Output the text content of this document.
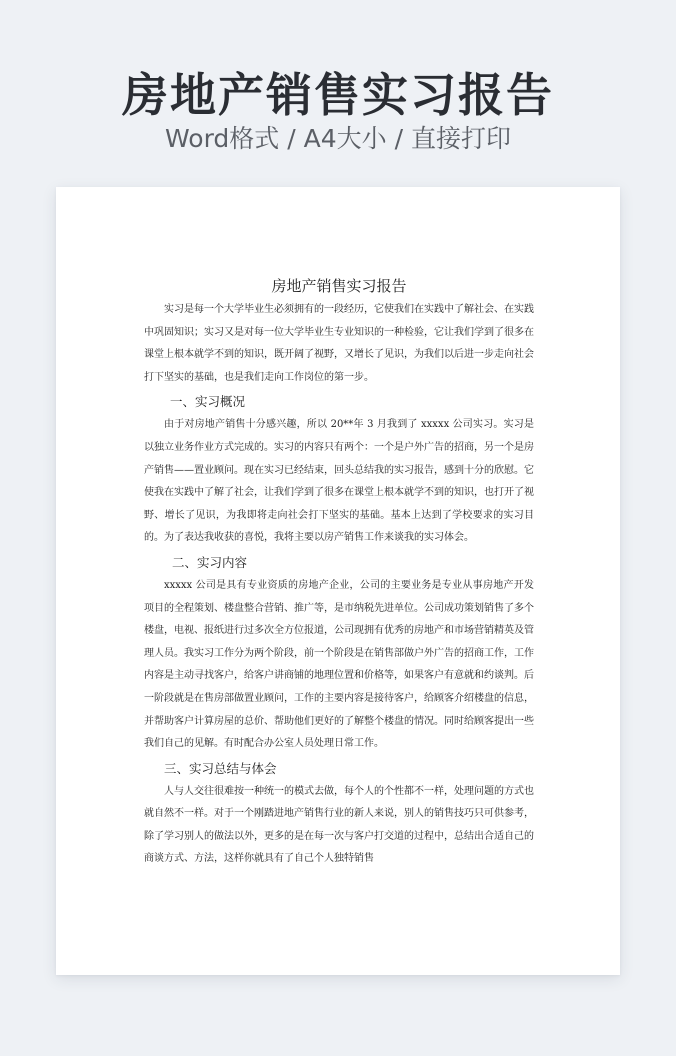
房地产销售实习报告
Word格式 / A4大小 / 直接打印
房地产销售实习报告

实习是每一个大学毕业生必须拥有的一段经历，它使我们在实践中了解社会、在实践中巩固知识；实习又是对每一位大学毕业生专业知识的一种检验，它让我们学到了很多在课堂上根本就学不到的知识，既开阔了视野，又增长了见识，为我们以后进一步走向社会打下坚实的基础，也是我们走向工作岗位的第一步。

一、实习概况

由于对房地产销售十分感兴趣，所以 20**年 3 月我到了 xxxxx 公司实习。实习是以独立业务作业方式完成的。实习的内容只有两个：一个是户外广告的招商，另一个是房产销售——置业顾问。现在实习已经结束，回头总结我的实习报告，感到十分的欣慰。它使我在实践中了解了社会，让我们学到了很多在课堂上根本就学不到的知识，也打开了视野、增长了见识，为我即将走向社会打下坚实的基础。基本上达到了学校要求的实习目的。为了表达我收获的喜悦，我将主要以房产销售工作来谈我的实习体会。

二、实习内容

xxxxx 公司是具有专业资质的房地产企业，公司的主要业务是专业从事房地产开发项目的全程策划、楼盘整合营销、推广等，是市纳税先进单位。公司成功策划销售了多个楼盘，电视、报纸进行过多次全方位报道，公司现拥有优秀的房地产和市场营销精英及管理人员。我实习工作分为两个阶段，前一个阶段是在销售部做户外广告的招商工作，工作内容是主动寻找客户，给客户讲商铺的地理位置和价格等，如果客户有意就和约谈判。后一阶段就是在售房部做置业顾问，工作的主要内容是接待客户，给顾客介绍楼盘的信息，并帮助客户计算房屋的总价、帮助他们更好的了解整个楼盘的情况。同时给顾客提出一些我们自己的见解。有时配合办公室人员处理日常工作。

三、实习总结与体会

人与人交往很难按一种统一的模式去做，每个人的个性都不一样，处理问题的方式也就自然不一样。对于一个刚踏进地产销售行业的新人来说，别人的销售技巧只可供参考，除了学习别人的做法以外，更多的是在每一次与客户打交道的过程中，总结出合适自己的商谈方式、方法，这样你就具有了自己个人独特销售
